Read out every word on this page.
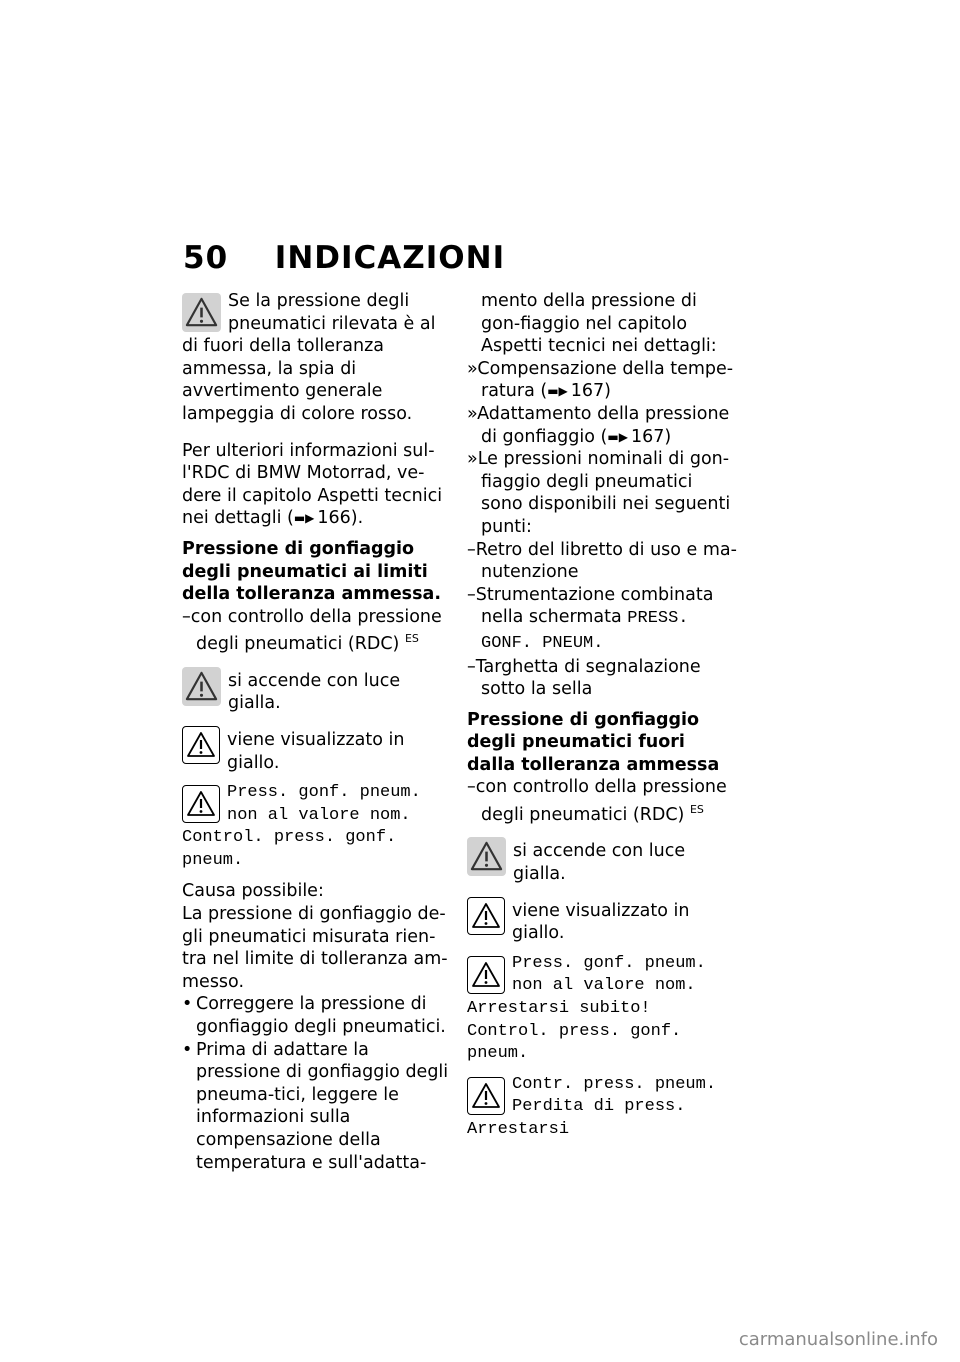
50 INDICAZIONI

Se la pressione degli pneumatici rilevata è al di fuori della tolleranza ammessa, la spia di avvertimento generale lampeggia di colore rosso.

Per ulteriori informazioni sul-l'RDC di BMW Motorrad, ve-dere il capitolo Aspetti tecnici nei dettagli (▬▶ 166).

Pressione di gonfiaggio degli pneumatici ai limiti della tolleranza ammessa.

–con controllo della pressione degli pneumatici (RDC) $^{ES}$

si accende con luce gialla.

viene visualizzato in giallo.

Press. gonf. pneum. non al valore nom. Control. press. gonf. pneum.

Causa possibile:

La pressione di gonfiaggio de-gli pneumatici misurata rien-tra nel limite di tolleranza am-messo.

• Correggere la pressione di gonfiaggio degli pneumatici.

• Prima di adattare la pressione di gonfiaggio degli pneuma-tici, leggere le informazioni sulla compensazione della temperatura e sull'adatta-

mento della pressione di gon-fiaggio nel capitolo Aspetti tecnici nei dettagli:

»Compensazione della tempe-ratura (▬▶ 167)

»Adattamento della pressione di gonfiaggio (▬▶ 167)

»Le pressioni nominali di gon-fiaggio degli pneumatici sono disponibili nei seguenti punti:

–Retro del libretto di uso e ma-nutenzione

–Strumentazione combinata nella schermata PRESS. GONF. PNEUM.

–Targhetta di segnalazione sotto la sella

Pressione di gonfiaggio degli pneumatici fuori dalla tolleranza ammessa

–con controllo della pressione degli pneumatici (RDC) $^{ES}$

si accende con luce gialla.

viene visualizzato in giallo.

Press. gonf. pneum. non al valore nom. Arrestarsi subito! Control. press. gonf. pneum.

Contr. press. pneum. Perdita di press. Arrestarsi

carmanualsonline.info
